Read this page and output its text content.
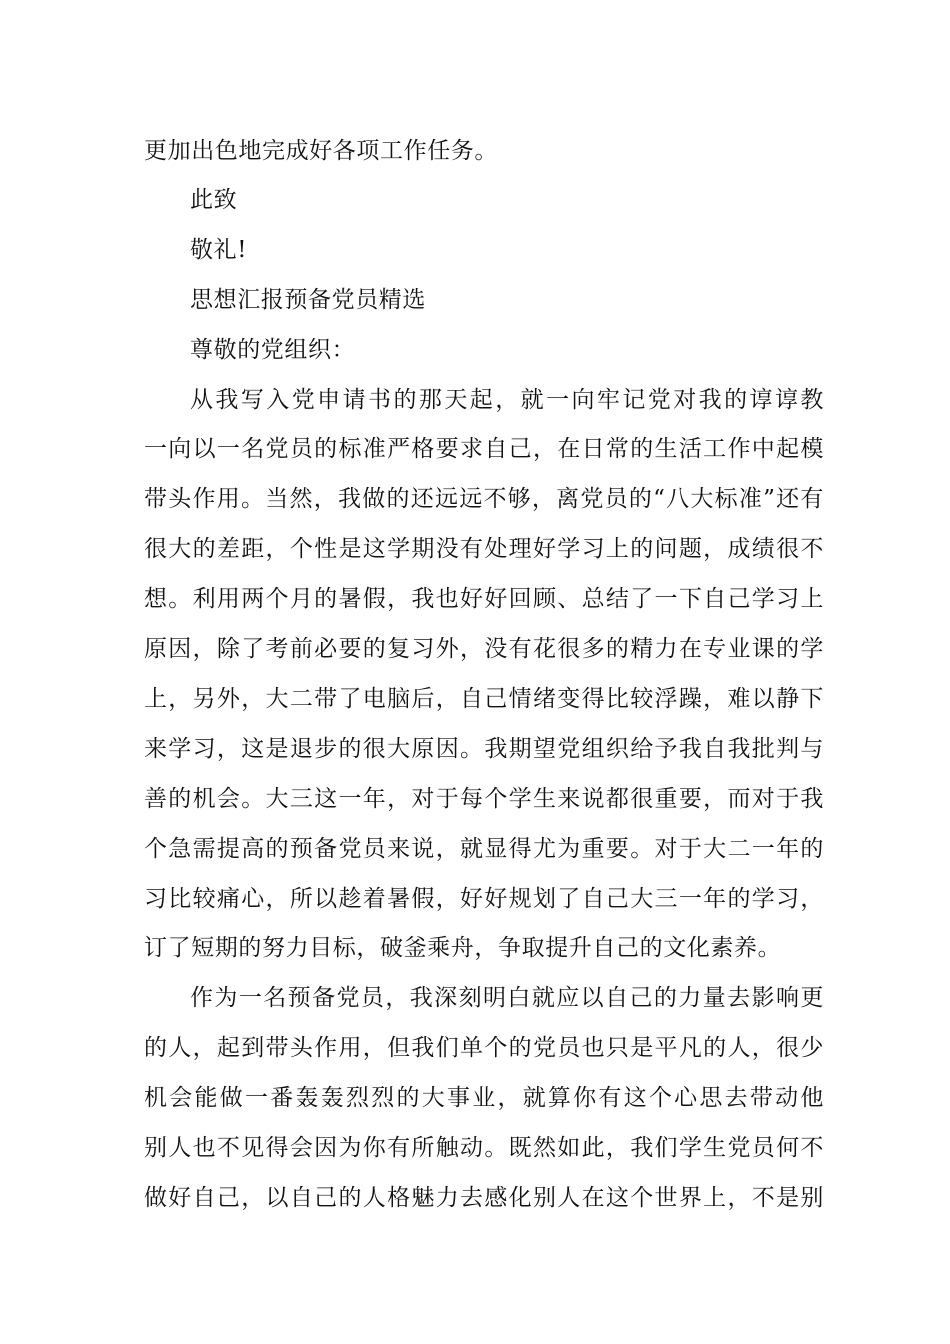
更加出色地完成好各项工作任务。
此致
敬礼!
思想汇报预备党员精选
尊敬的党组织：
从我写入党申请书的那天起，就一向牢记党对我的谆谆教
一向以一名党员的标准严格要求自己，在日常的生活工作中起模
带头作用。当然，我做的还远远不够，离党员的“八大标准”还有
很大的差距，个性是这学期没有处理好学习上的问题，成绩很不
想。利用两个月的暑假，我也好好回顾、总结了一下自己学习上
原因，除了考前必要的复习外，没有花很多的精力在专业课的学
上，另外，大二带了电脑后，自己情绪变得比较浮躁，难以静下
来学习，这是退步的很大原因。我期望党组织给予我自我批判与
善的机会。大三这一年，对于每个学生来说都很重要，而对于我
个急需提高的预备党员来说，就显得尤为重要。对于大二一年的
习比较痛心，所以趁着暑假，好好规划了自己大三一年的学习，
订了短期的努力目标，破釜乘舟，争取提升自己的文化素养。
作为一名预备党员，我深刻明白就应以自己的力量去影响更
的人，起到带头作用，但我们单个的党员也只是平凡的人，很少
机会能做一番轰轰烈烈的大事业，就算你有这个心思去带动他
别人也不见得会因为你有所触动。既然如此，我们学生党员何不
做好自己，以自己的人格魅力去感化别人在这个世界上，不是别
